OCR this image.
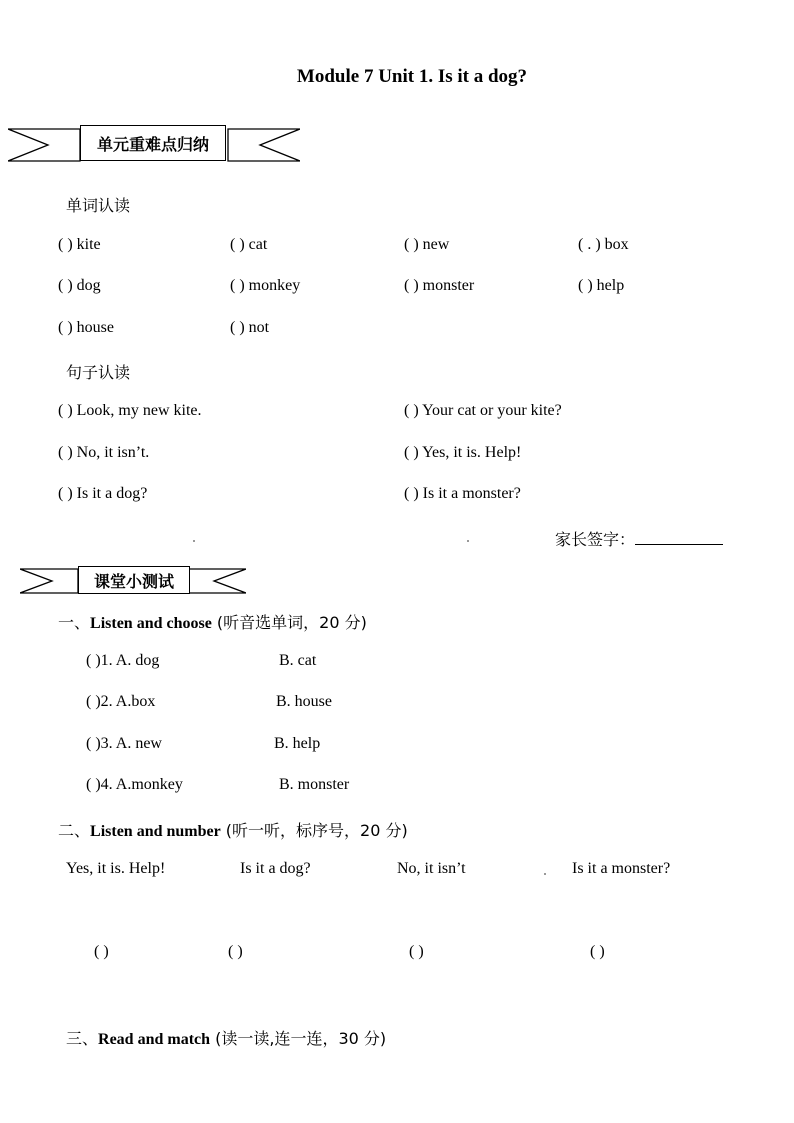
Module 7 Unit 1. Is it a dog?
单元重难点归纳
单词认读
( ) kite	( ) cat	( ) new	( . ) box
( ) dog	( ) monkey	( ) monster	( ) help
( ) house	( ) not
句子认读
( ) Look, my new kite.	( ) Your cat or your kite?
( ) No, it isn’t.	( ) Yes, it is. Help!
( ) Is it a dog?	( ) Is it a monster?
家长签字：
课堂小测试
一、Listen and choose (听音选单词，20 分)
( )1. A. dog	B. cat
( )2. A.box	B. house
( )3. A. new	B. help
( )4. A.monkey	B. monster
二、Listen and number (听一听，标序号，20 分)
Yes, it is. Help!	Is it a dog?	No, it isn’t	Is it a monster?
( )	( )	( )	( )
三、Read and match (读一读,连一连，30 分)
